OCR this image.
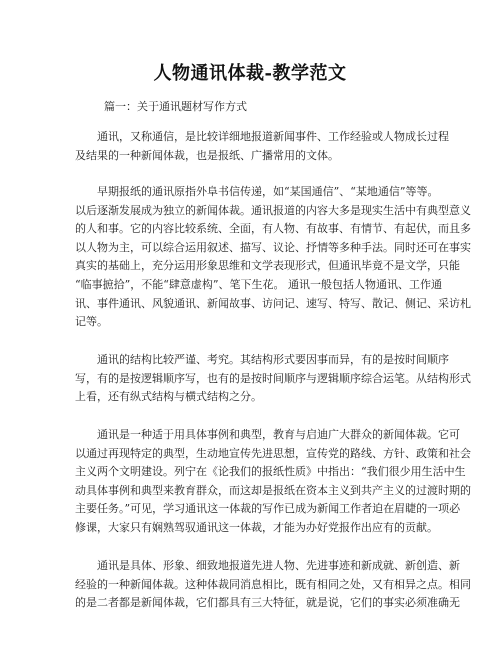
人物通讯体裁-教学范文
篇一：关于通讯题材写作方式
通讯，又称通信，是比较详细地报道新闻事件、工作经验或人物成长过程
及结果的一种新闻体裁，也是报纸、广播常用的文体。
早期报纸的通讯原指外阜书信传递，如“某国通信”、“某地通信”等等。
以后逐渐发展成为独立的新闻体裁。通讯报道的内容大多是现实生活中有典型意义
的人和事。它的内容比较系统、全面，有人物、有故事、有情节、有起伏，而且多
以人物为主，可以综合运用叙述、描写、议论、抒情等多种手法。同时还可在事实
真实的基础上，充分运用形象思维和文学表现形式，但通讯毕竟不是文学，只能
“临事摭拾”，不能“肆意虚构”、笔下生花。 通讯一般包括人物通讯、工作通
讯、事件通讯、风貌通讯、新闻故事、访问记、速写、特写、散记、侧记、采访札
记等。
通讯的结构比较严谨、考究。其结构形式要因事而异，有的是按时间顺序
写，有的是按逻辑顺序写，也有的是按时间顺序与逻辑顺序综合运笔。从结构形式
上看，还有纵式结构与横式结构之分。
通讯是一种适于用具体事例和典型，教育与启迪广大群众的新闻体裁。它可
以通过再现特定的典型，生动地宣传先进思想，宣传党的路线、方针、政策和社会
主义两个文明建设。列宁在《论我们的报纸性质》中指出：“我们很少用生活中生
动具体事例和典型来教育群众，而这却是报纸在资本主义到共产主义的过渡时期的
主要任务。”可见，学习通讯这一体裁的写作已成为新闻工作者迫在眉睫的一项必
修课，大家只有娴熟驾驭通讯这一体裁，才能为办好党报作出应有的贡献。
通讯是具体、形象、细致地报道先进人物、先进事迹和新成就、新创造、新
经验的一种新闻体裁。这种体裁同消息相比，既有相同之处，又有相异之点。相同
的是二者都是新闻体裁，它们都具有三大特征，就是说，它们的事实必须准确无
